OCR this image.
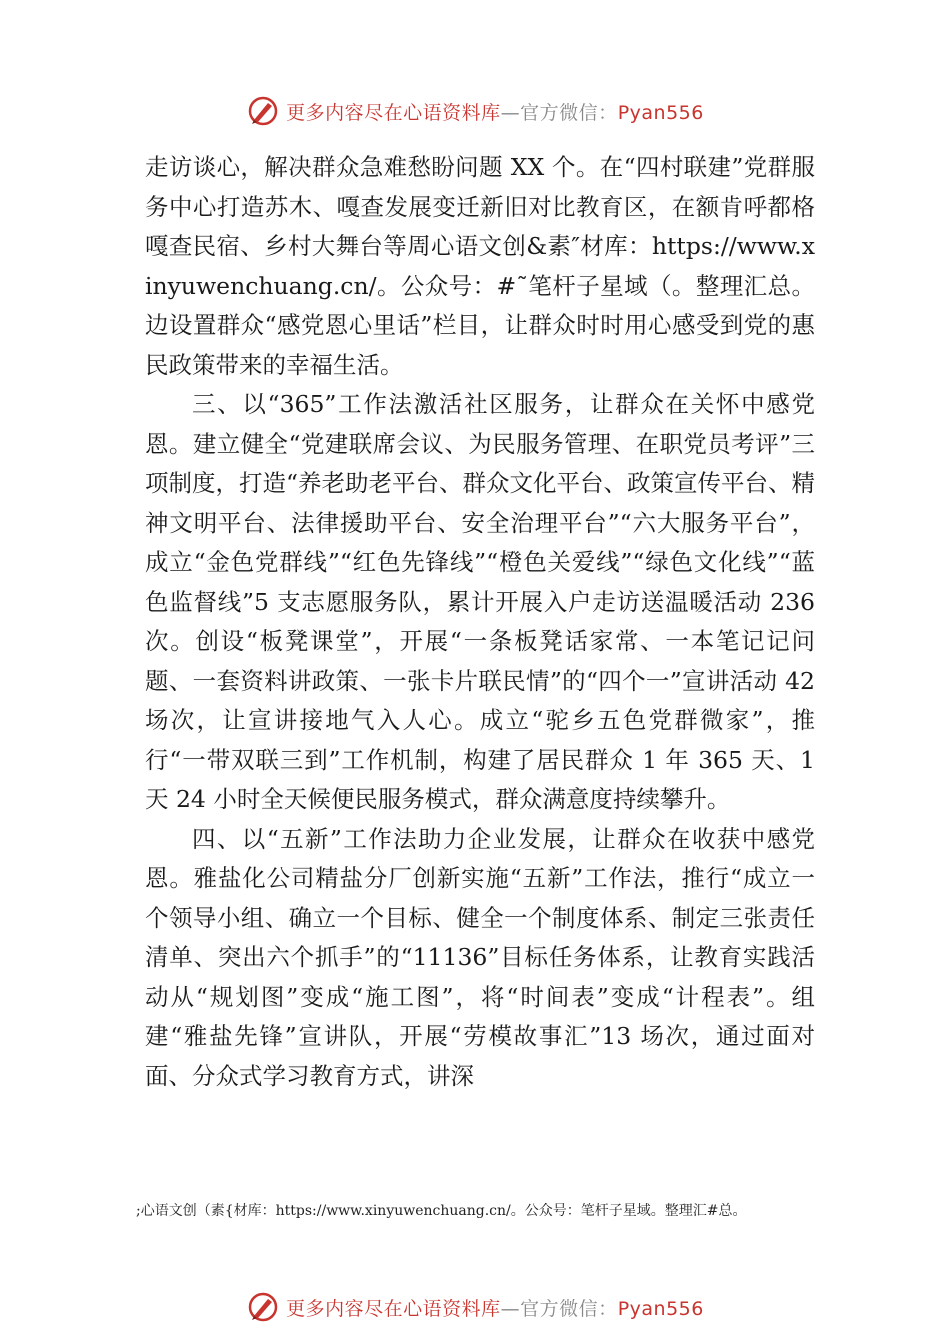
更多内容尽在心语资料库—官方微信：Pyan556

走访谈心，解决群众急难愁盼问题 XX 个。在“四村联建”党群服务中心打造苏木、嘎查发展变迁新旧对比教育区，在额肯呼都格嘎查民宿、乡村大舞台等周心语文创&素″材库：https://www.xinyuwenchuang.cn/。公众号：#˜笔杆子星域（。整理汇总。边设置群众“感党恩心里话”栏目，让群众时时用心感受到党的惠民政策带来的幸福生活。

三、以“365”工作法激活社区服务，让群众在关怀中感党恩。建立健全“党建联席会议、为民服务管理、在职党员考评”三项制度，打造“养老助老平台、群众文化平台、政策宣传平台、精神文明平台、法律援助平台、安全治理平台”“六大服务平台”，成立“金色党群线”“红色先锋线”“橙色关爱线”“绿色文化线”“蓝色监督线”5 支志愿服务队，累计开展入户走访送温暖活动 236 次。创设“板凳课堂”，开展“一条板凳话家常、一本笔记记问题、一套资料讲政策、一张卡片联民情”的“四个一”宣讲活动 42 场次，让宣讲接地气入人心。成立“驼乡五色党群微家”，推行“一带双联三到”工作机制，构建了居民群众 1 年 365 天、1 天 24 小时全天候便民服务模式，群众满意度持续攀升。

四、以“五新”工作法助力企业发展，让群众在收获中感党恩。雅盐化公司精盐分厂创新实施“五新”工作法，推行“成立一个领导小组、确立一个目标、健全一个制度体系、制定三张责任清单、突出六个抓手”的“11136”目标任务体系，让教育实践活动从“规划图”变成“施工图”，将“时间表”变成“计程表”。组建“雅盐先锋”宣讲队，开展“劳模故事汇”13 场次，通过面对面、分众式学习教育方式，讲深

;心语文创（素{材库：https://www.xinyuwenchuang.cn/。公众号：笔杆子星域。整理汇#总。
更多内容尽在心语资料库—官方微信：Pyan556
